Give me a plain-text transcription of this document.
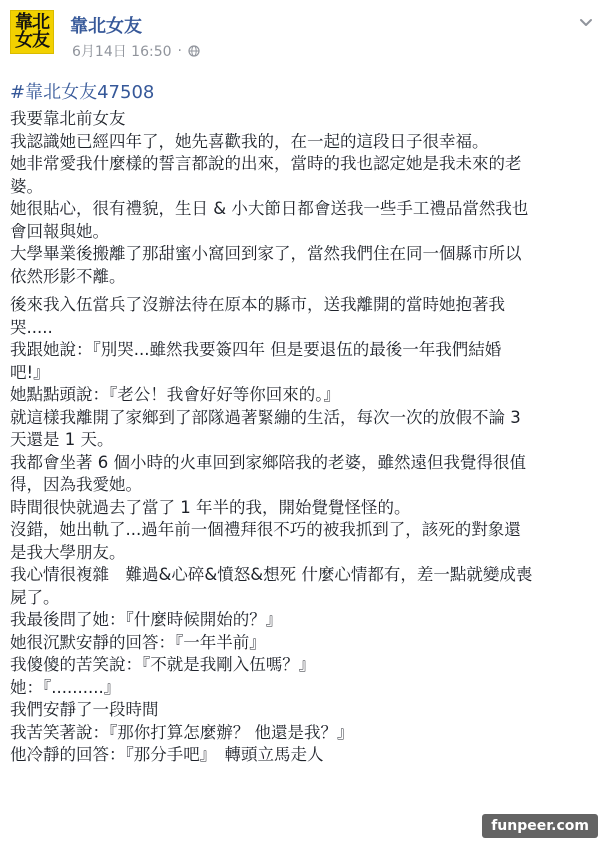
靠北
女友
靠北女友
6月14日 16:50 ·
#靠北女友47508
我要靠北前女友
我認識她已經四年了，她先喜歡我的，在一起的這段日子很幸福。
她非常愛我什麼樣的誓言都說的出來，當時的我也認定她是我未來的老
婆。
她很貼心，很有禮貌，生日 & 小大節日都會送我一些手工禮品當然我也
會回報與她。
大學畢業後搬離了那甜蜜小窩回到家了，當然我們住在同一個縣市所以
依然形影不離。
後來我入伍當兵了沒辦法待在原本的縣市，送我離開的當時她抱著我
哭.....
我跟她說：『別哭...雖然我要簽四年 但是要退伍的最後一年我們結婚
吧!』
她點點頭說：『老公！我會好好等你回來的。』
就這樣我離開了家鄉到了部隊過著緊繃的生活，每次一次的放假不論 3
天還是 1 天。
我都會坐著 6 個小時的火車回到家鄉陪我的老婆，雖然遠但我覺得很值
得，因為我愛她。
時間很快就過去了當了 1 年半的我，開始覺覺怪怪的。
沒錯，她出軌了...過年前一個禮拜很不巧的被我抓到了，該死的對象還
是我大學朋友。
我心情很複雜　難過&心碎&憤怒&想死 什麼心情都有，差一點就變成喪
屍了。
我最後問了她：『什麼時候開始的？』
她很沉默安靜的回答：『一年半前』
我傻傻的苦笑說：『不就是我剛入伍嗎？』
她：『..........』
我們安靜了一段時間
我苦笑著說：『那你打算怎麼辦？ 他還是我？』
他冷靜的回答：『那分手吧』　轉頭立馬走人
funpeer.com
